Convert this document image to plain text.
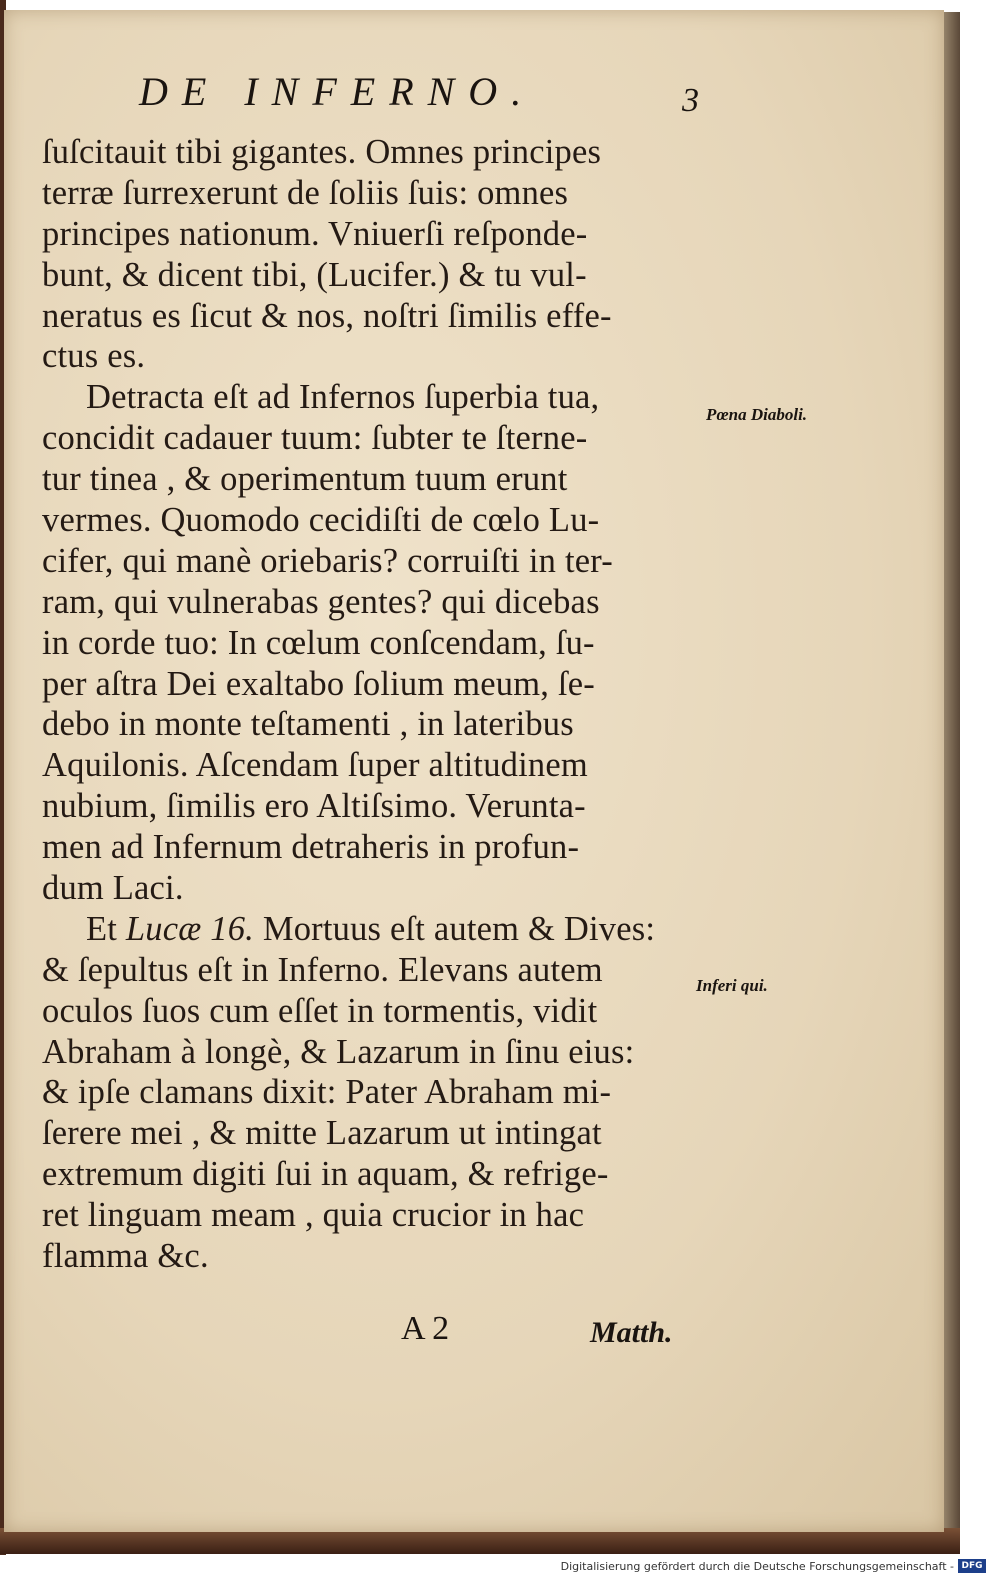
DE INFERNO.	3
ſuſcitauit tibi gigantes. Omnes principes
terræ ſurrexerunt de ſoliis ſuis: omnes
principes nationum. Vniuerſi reſponde-
bunt, & dicent tibi, (Lucifer.) & tu vul-
neratus es ſicut & nos, noſtri ſimilis effe-
ctus es.
Detracta eſt ad Infernos ſuperbia tua,
concidit cadauer tuum: ſubter te ſterne-
tur tinea , & operimentum tuum erunt
vermes. Quomodo cecidiſti de cœlo Lu-
cifer, qui manè oriebaris? corruiſti in ter-
ram, qui vulnerabas gentes? qui dicebas
in corde tuo: In cœlum conſcendam, ſu-
per aſtra Dei exaltabo ſolium meum, ſe-
debo in monte teſtamenti , in lateribus
Aquilonis. Aſcendam ſuper altitudinem
nubium, ſimilis ero Altiſsimo. Verunta-
men ad Infernum detraheris in profun-
dum Laci.
Et Lucæ 16. Mortuus eſt autem & Dives:
& ſepultus eſt in Inferno. Elevans autem
oculos ſuos cum eſſet in tormentis, vidit
Abraham à longè, & Lazarum in ſinu eius:
& ipſe clamans dixit: Pater Abraham mi-
ſerere mei , & mitte Lazarum ut intingat
extremum digiti ſui in aquam, & refrige-
ret linguam meam , quia crucior in hac
flamma &c.
Pœna Diaboli.
Inferi qui.
A 2	Matth.
Digitalisierung gefördert durch die Deutsche Forschungsgemeinschaft - DFG
